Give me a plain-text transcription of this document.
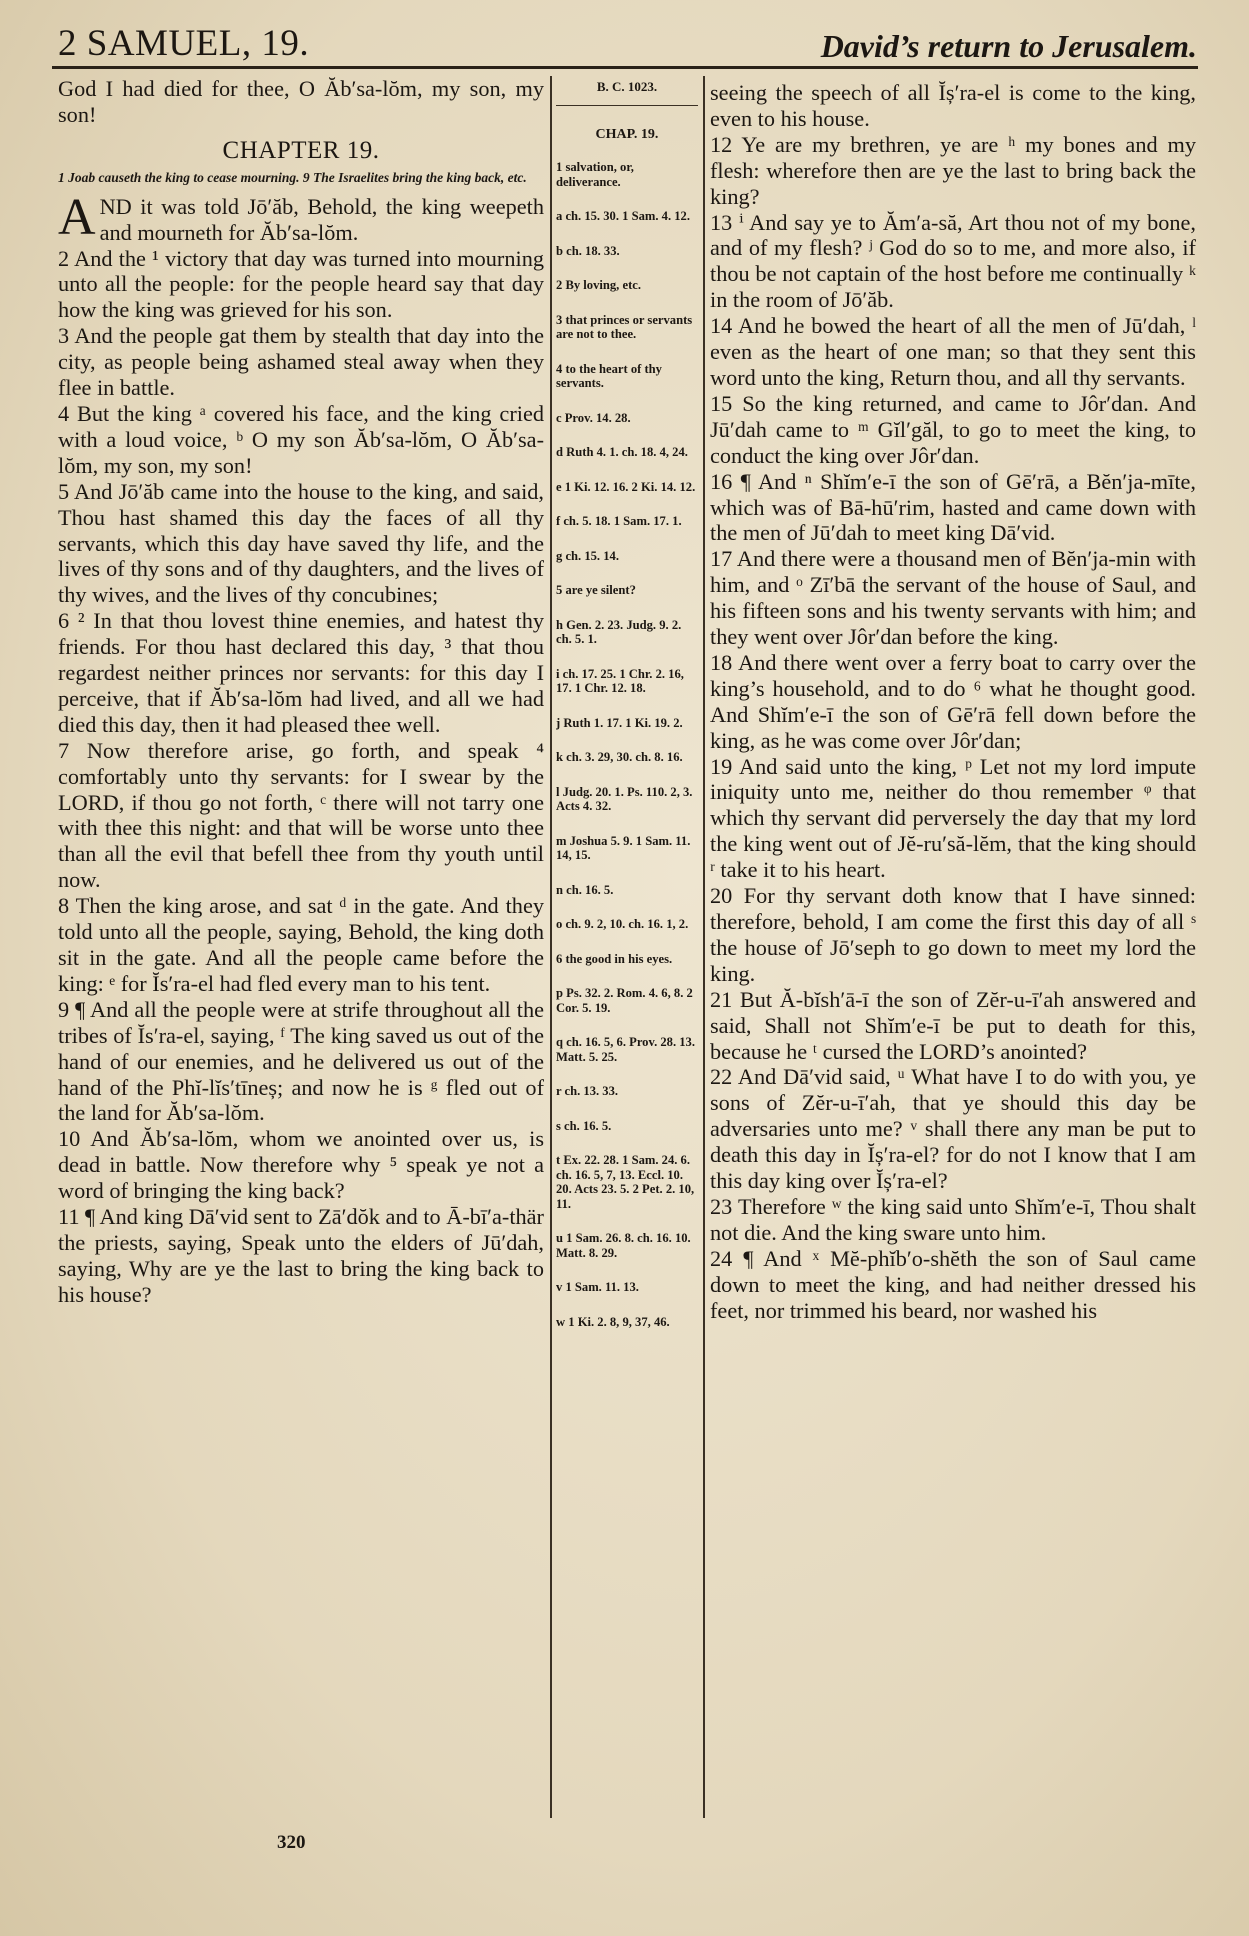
2 SAMUEL, 19.	David’s return to Jerusalem.

God I had died for thee, O Ăb′sa-lŏm, my son, my son!

CHAPTER 19.
1 Joab causeth the king to cease mourning. 9 The Israelites bring the king back, etc.

AND it was told Jō′ăb, Behold, the king weepeth and mourneth for Ăb′sa-lŏm.

2 And the ¹ victory that day was turned into mourning unto all the people: for the people heard say that day how the king was grieved for his son.

3 And the people gat them by stealth that day into the city, as people being ashamed steal away when they flee in battle.

4 But the king ᵃ covered his face, and the king cried with a loud voice, ᵇ O my son Ăb′sa-lŏm, O Ăb′sa-lŏm, my son, my son!

5 And Jō′ăb came into the house to the king, and said, Thou hast shamed this day the faces of all thy servants, which this day have saved thy life, and the lives of thy sons and of thy daughters, and the lives of thy wives, and the lives of thy concubines;

6 ² In that thou lovest thine enemies, and hatest thy friends. For thou hast declared this day, ³ that thou regardest neither princes nor servants: for this day I perceive, that if Ăb′sa-lŏm had lived, and all we had died this day, then it had pleased thee well.

7 Now therefore arise, go forth, and speak ⁴ comfortably unto thy servants: for I swear by the LORD, if thou go not forth, ᶜ there will not tarry one with thee this night: and that will be worse unto thee than all the evil that befell thee from thy youth until now.

8 Then the king arose, and sat ᵈ in the gate. And they told unto all the people, saying, Behold, the king doth sit in the gate. And all the people came before the king: ᵉ for Ĭs′ra-el had fled every man to his tent.

9 ¶ And all the people were at strife throughout all the tribes of Ĭs′ra-el, saying, ᶠ The king saved us out of the hand of our enemies, and he delivered us out of the hand of the Phĭ-lĭs′tīneș; and now he is ᵍ fled out of the land for Ăb′sa-lŏm.

10 And Ăb′sa-lŏm, whom we anointed over us, is dead in battle. Now therefore why ⁵ speak ye not a word of bringing the king back?

11 ¶ And king Dā′vid sent to Zā′dŏk and to Ā-bī′a-thär the priests, saying, Speak unto the elders of Jū′dah, saying, Why are ye the last to bring the king back to his house?

B. C. 1023.
CHAP. 19.
1 salvation, or, deliverance.
a ch. 15. 30. 1 Sam. 4. 12.
b ch. 18. 33.
2 By loving, etc.
3 that princes or servants are not to thee.
4 to the heart of thy servants.
c Prov. 14. 28.
d Ruth 4. 1. ch. 18. 4, 24.
e 1 Ki. 12. 16. 2 Ki. 14. 12.
f ch. 5. 18. 1 Sam. 17. 1.
g ch. 15. 14.
5 are ye silent?
h Gen. 2. 23. Judg. 9. 2. ch. 5. 1.
i ch. 17. 25. 1 Chr. 2. 16, 17. 1 Chr. 12. 18.
j Ruth 1. 17. 1 Ki. 19. 2.
k ch. 3. 29, 30. ch. 8. 16.
l Judg. 20. 1. Ps. 110. 2, 3. Acts 4. 32.
m Joshua 5. 9. 1 Sam. 11. 14, 15.
n ch. 16. 5.
o ch. 9. 2, 10. ch. 16. 1, 2.
6 the good in his eyes.
p Ps. 32. 2. Rom. 4. 6, 8. 2 Cor. 5. 19.
q ch. 16. 5, 6. Prov. 28. 13. Matt. 5. 25.
r ch. 13. 33.
s ch. 16. 5.
t Ex. 22. 28. 1 Sam. 24. 6. ch. 16. 5, 7, 13. Eccl. 10. 20. Acts 23. 5. 2 Pet. 2. 10, 11.
u 1 Sam. 26. 8. ch. 16. 10. Matt. 8. 29.
v 1 Sam. 11. 13.
w 1 Ki. 2. 8, 9, 37, 46.

seeing the speech of all Ĭș′ra-el is come to the king, even to his house.

12 Ye are my brethren, ye are ʰ my bones and my flesh: wherefore then are ye the last to bring back the king?

13 ⁱ And say ye to Ăm′a-să, Art thou not of my bone, and of my flesh? ʲ God do so to me, and more also, if thou be not captain of the host before me continually ᵏ in the room of Jō′ăb.

14 And he bowed the heart of all the men of Jū′dah, ˡ even as the heart of one man; so that they sent this word unto the king, Return thou, and all thy servants.

15 So the king returned, and came to Jôr′dan. And Jū′dah came to ᵐ Gĭl′găl, to go to meet the king, to conduct the king over Jôr′dan.

16 ¶ And ⁿ Shĭm′e-ī the son of Gē′rā, a Bĕn′ja-mīte, which was of Bā-hū′rim, hasted and came down with the men of Jū′dah to meet king Dā′vid.

17 And there were a thousand men of Bĕn′ja-min with him, and ᵒ Zī′bā the servant of the house of Saul, and his fifteen sons and his twenty servants with him; and they went over Jôr′dan before the king.

18 And there went over a ferry boat to carry over the king’s household, and to do ⁶ what he thought good. And Shĭm′e-ī the son of Gē′rā fell down before the king, as he was come over Jôr′dan;

19 And said unto the king, ᵖ Let not my lord impute iniquity unto me, neither do thou remember ᵠ that which thy servant did perversely the day that my lord the king went out of Jĕ-ru′să-lĕm, that the king should ʳ take it to his heart.

20 For thy servant doth know that I have sinned: therefore, behold, I am come the first this day of all ˢ the house of Jō′seph to go down to meet my lord the king.

21 But Ă-bĭsh′ā-ī the son of Zĕr-u-ī′ah answered and said, Shall not Shĭm′e-ī be put to death for this, because he ᵗ cursed the LORD’s anointed?

22 And Dā′vid said, ᵘ What have I to do with you, ye sons of Zĕr-u-ī′ah, that ye should this day be adversaries unto me? ᵛ shall there any man be put to death this day in Ĭș′ra-el? for do not I know that I am this day king over Ĭș′ra-el?

23 Therefore ʷ the king said unto Shĭm′e-ī, Thou shalt not die. And the king sware unto him.

24 ¶ And ˣ Mĕ-phĭb′o-shĕth the son of Saul came down to meet the king, and had neither dressed his feet, nor trimmed his beard, nor washed his

320
